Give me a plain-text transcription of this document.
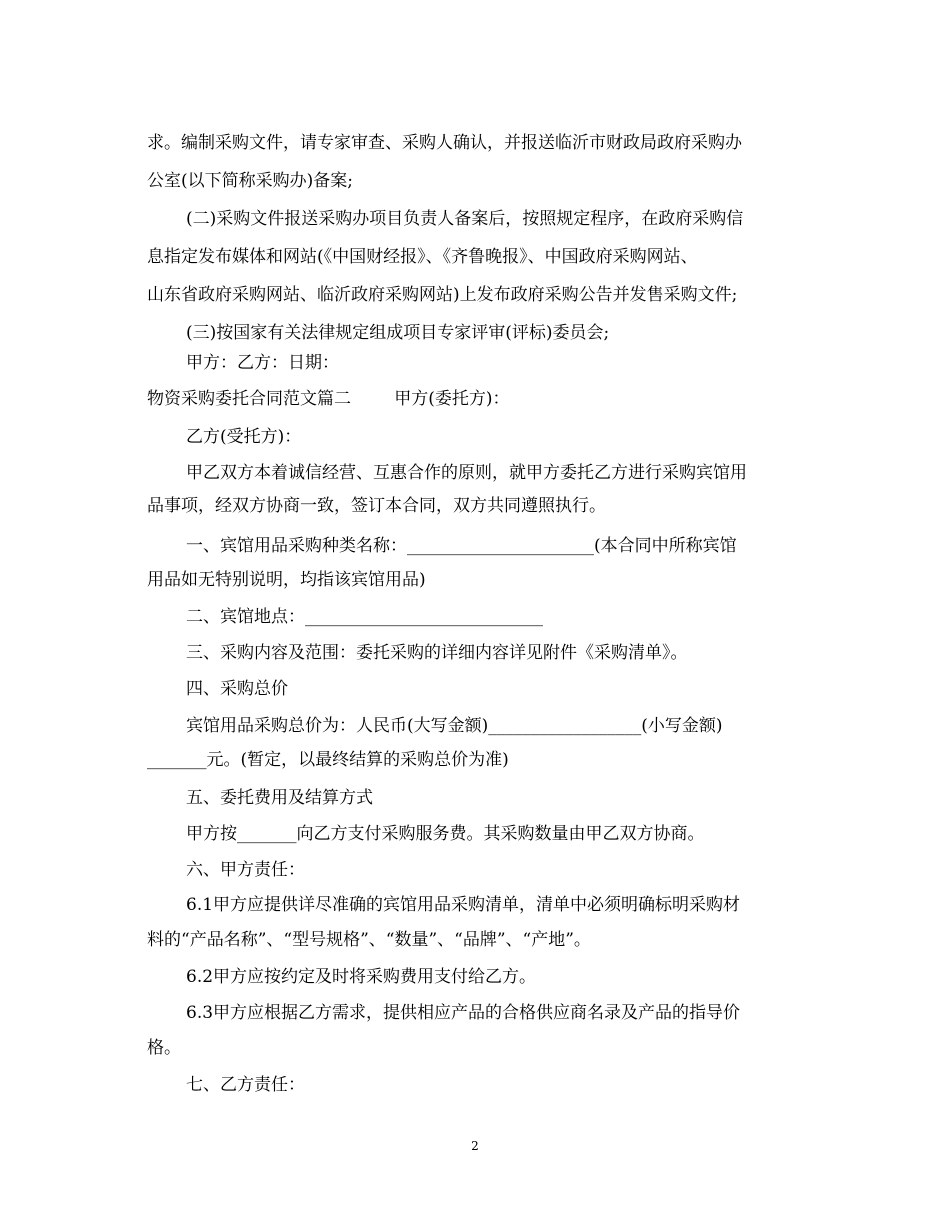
求。编制采购文件，请专家审查、采购人确认，并报送临沂市财政局政府采购办
公室(以下简称采购办)备案;
(二)采购文件报送采购办项目负责人备案后，按照规定程序，在政府采购信
息指定发布媒体和网站(《中国财经报》、《齐鲁晚报》、中国政府采购网站、
山东省政府采购网站、临沂政府采购网站)上发布政府采购公告并发售采购文件;
(三)按国家有关法律规定组成项目专家评审(评标)委员会;
甲方：乙方：日期：
物资采购委托合同范文篇二        甲方(委托方)：
乙方(受托方)：
甲乙双方本着诚信经营、互惠合作的原则，就甲方委托乙方进行采购宾馆用
品事项，经双方协商一致，签订本合同，双方共同遵照执行。
一、宾馆用品采购种类名称：______________________(本合同中所称宾馆
用品如无特别说明，均指该宾馆用品)
二、宾馆地点：____________________________
三、采购内容及范围：委托采购的详细内容详见附件《采购清单》。
四、采购总价
宾馆用品采购总价为：人民币(大写金额)__________________(小写金额)
_______元。(暂定，以最终结算的采购总价为准)
五、委托费用及结算方式
甲方按_______向乙方支付采购服务费。其采购数量由甲乙双方协商。
六、甲方责任：
6.1甲方应提供详尽准确的宾馆用品采购清单，清单中必须明确标明采购材
料的“产品名称”、“型号规格”、“数量”、“品牌”、“产地”。
6.2甲方应按约定及时将采购费用支付给乙方。
6.3甲方应根据乙方需求，提供相应产品的合格供应商名录及产品的指导价
格。
七、乙方责任：
2
